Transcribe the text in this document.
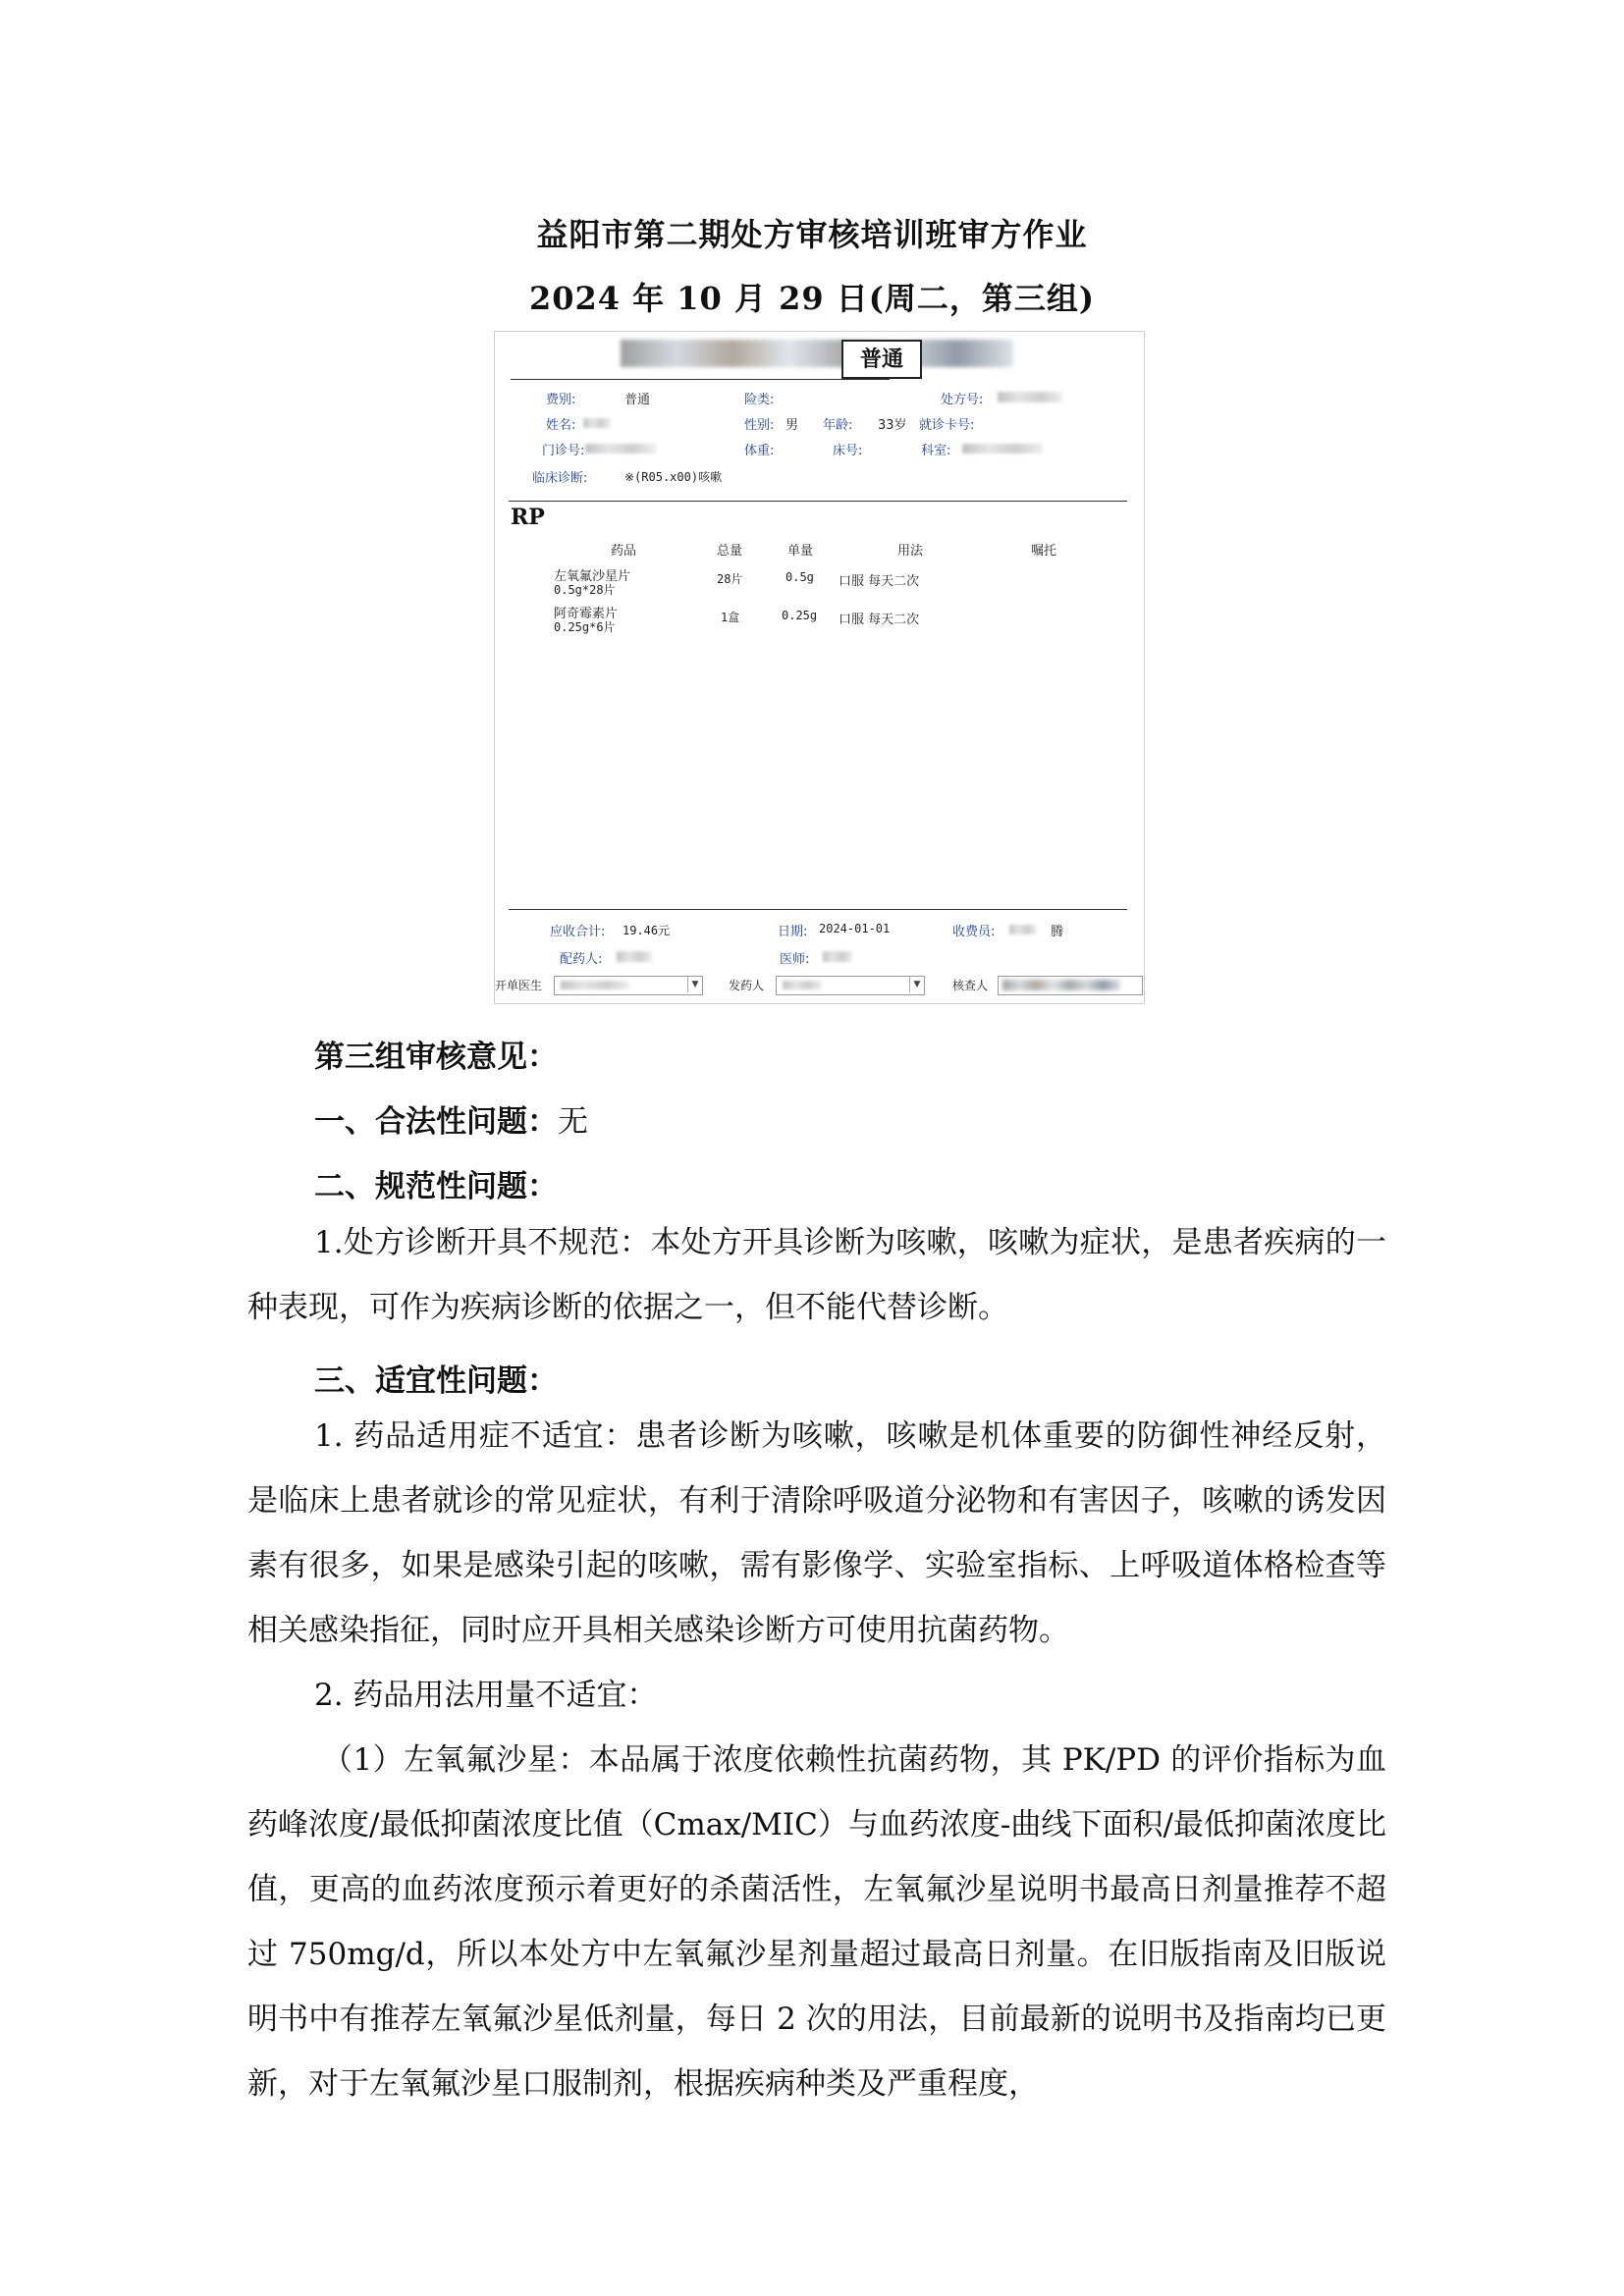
益阳市第二期处方审核培训班审方作业
2024 年 10 月 29 日(周二，第三组)
普通
费别:	普通	险类:	处方号:
姓名:	性别: 男 年龄: 33岁 就诊卡号:
门诊号:	体重:	床号:	科室:
临床诊断:	※(R05.x00)咳嗽
RP
药品	总量	单量	用法	嘱托
左氧氟沙星片
0.5g*28片
28片	0.5g 口服 每天二次
阿奇霉素片
0.25g*6片
1盒	0.25g 口服 每天二次
应收合计: 19.46元	日期: 2024-01-01	收费员:	腾
配药人:	医师:
开单医生	▼	发药人	▼	核查人
第三组审核意见：
一、合法性问题：无
二、规范性问题：
1.处方诊断开具不规范：本处方开具诊断为咳嗽，咳嗽为症状，是患者疾病的一种表现，可作为疾病诊断的依据之一，但不能代替诊断。
三、适宜性问题：
1. 药品适用症不适宜：患者诊断为咳嗽，咳嗽是机体重要的防御性神经反射，是临床上患者就诊的常见症状，有利于清除呼吸道分泌物和有害因子，咳嗽的诱发因素有很多，如果是感染引起的咳嗽，需有影像学、实验室指标、上呼吸道体格检查等相关感染指征，同时应开具相关感染诊断方可使用抗菌药物。
2. 药品用法用量不适宜：
（1）左氧氟沙星：本品属于浓度依赖性抗菌药物，其 PK/PD 的评价指标为血药峰浓度/最低抑菌浓度比值（Cmax/MIC）与血药浓度-曲线下面积/最低抑菌浓度比值，更高的血药浓度预示着更好的杀菌活性，左氧氟沙星说明书最高日剂量推荐不超过 750mg/d，所以本处方中左氧氟沙星剂量超过最高日剂量。在旧版指南及旧版说明书中有推荐左氧氟沙星低剂量，每日 2 次的用法，目前最新的说明书及指南均已更新，对于左氧氟沙星口服制剂，根据疾病种类及严重程度，
